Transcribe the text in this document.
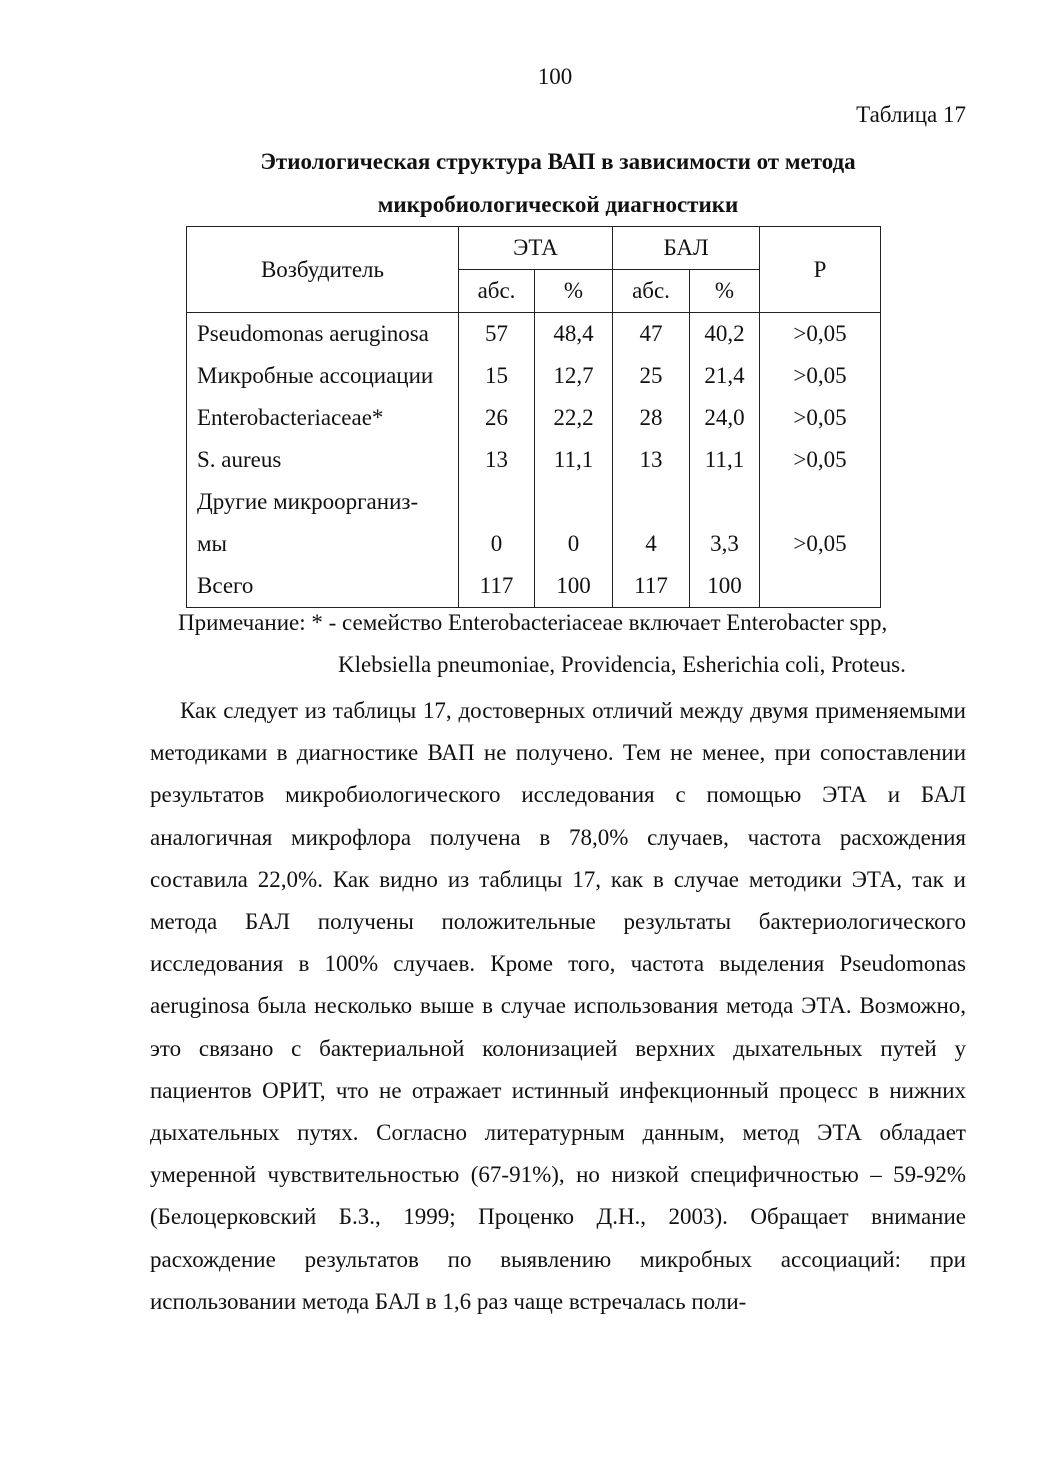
100
Таблица 17
Этиологическая структура ВАП в зависимости от метода микробиологической диагностики
Возбудитель	ЭТА		БАЛ		P
	абс.	%	абс.	%	
Pseudomonas aeruginosa	57	48,4	47	40,2	>0,05
Микробные ассоциации	15	12,7	25	21,4	>0,05
Enterobacteriaceae*	26	22,2	28	24,0	>0,05
S. aureus	13	11,1	13	11,1	>0,05
Другие микроорганиз-					
мы	0	0	4	3,3	>0,05
Всего	117	100	117	100	
Примечание: * - семейство Enterobacteriaceae включает Enterobacter spp,
Klebsiella pneumoniae, Providencia, Esherichia coli, Proteus.

Как следует из таблицы 17, достоверных отличий между двумя применяемыми методиками в диагностике ВАП не получено. Тем не менее, при сопоставлении результатов микробиологического исследования с помощью ЭТА и БАЛ аналогичная микрофлора получена в 78,0% случаев, частота расхождения составила 22,0%. Как видно из таблицы 17, как в случае методики ЭТА, так и метода БАЛ получены положительные результаты бактериологического исследования в 100% случаев. Кроме того, частота выделения Pseudomonas aeruginosa была несколько выше в случае использования метода ЭТА. Возможно, это связано с бактериальной колонизацией верхних дыхательных путей у пациентов ОРИТ, что не отражает истинный инфекционный процесс в нижних дыхательных путях. Согласно литературным данным, метод ЭТА обладает умеренной чувствительностью (67-91%), но низкой специфичностью – 59-92% (Белоцерковский Б.З., 1999; Проценко Д.Н., 2003). Обращает внимание расхождение результатов по выявлению микробных ассоциаций: при использовании метода БАЛ в 1,6 раз чаще встречалась поли-
